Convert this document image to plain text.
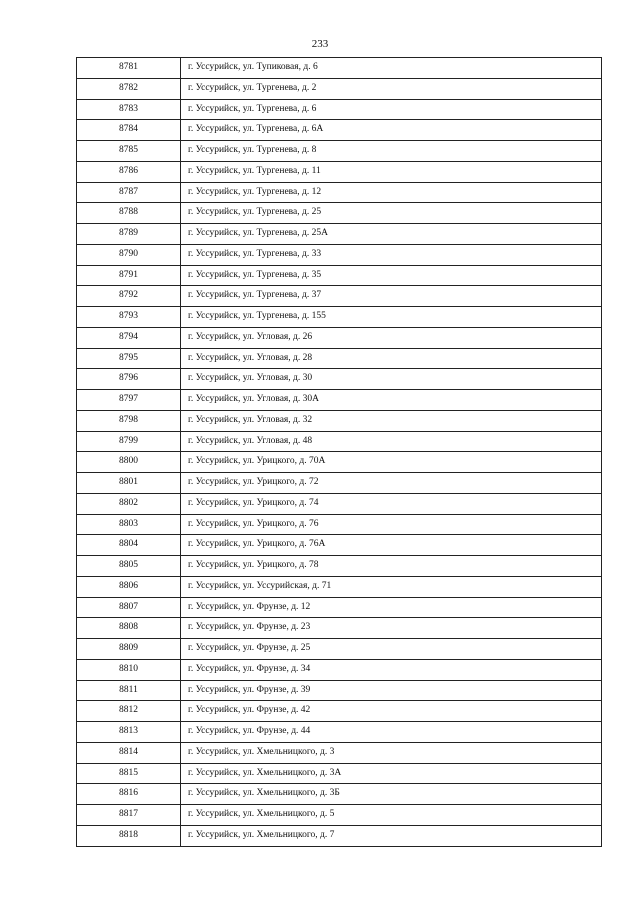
233
8781	г. Уссурийск, ул. Тупиковая, д. 6
8782	г. Уссурийск, ул. Тургенева, д. 2
8783	г. Уссурийск, ул. Тургенева, д. 6
8784	г. Уссурийск, ул. Тургенева, д. 6А
8785	г. Уссурийск, ул. Тургенева, д. 8
8786	г. Уссурийск, ул. Тургенева, д. 11
8787	г. Уссурийск, ул. Тургенева, д. 12
8788	г. Уссурийск, ул. Тургенева, д. 25
8789	г. Уссурийск, ул. Тургенева, д. 25А
8790	г. Уссурийск, ул. Тургенева, д. 33
8791	г. Уссурийск, ул. Тургенева, д. 35
8792	г. Уссурийск, ул. Тургенева, д. 37
8793	г. Уссурийск, ул. Тургенева, д. 155
8794	г. Уссурийск, ул. Угловая, д. 26
8795	г. Уссурийск, ул. Угловая, д. 28
8796	г. Уссурийск, ул. Угловая, д. 30
8797	г. Уссурийск, ул. Угловая, д. 30А
8798	г. Уссурийск, ул. Угловая, д. 32
8799	г. Уссурийск, ул. Угловая, д. 48
8800	г. Уссурийск, ул. Урицкого, д. 70А
8801	г. Уссурийск, ул. Урицкого, д. 72
8802	г. Уссурийск, ул. Урицкого, д. 74
8803	г. Уссурийск, ул. Урицкого, д. 76
8804	г. Уссурийск, ул. Урицкого, д. 76А
8805	г. Уссурийск, ул. Урицкого, д. 78
8806	г. Уссурийск, ул. Уссурийская, д. 71
8807	г. Уссурийск, ул. Фрунзе, д. 12
8808	г. Уссурийск, ул. Фрунзе, д. 23
8809	г. Уссурийск, ул. Фрунзе, д. 25
8810	г. Уссурийск, ул. Фрунзе, д. 34
8811	г. Уссурийск, ул. Фрунзе, д. 39
8812	г. Уссурийск, ул. Фрунзе, д. 42
8813	г. Уссурийск, ул. Фрунзе, д. 44
8814	г. Уссурийск, ул. Хмельницкого, д. 3
8815	г. Уссурийск, ул. Хмельницкого, д. 3А
8816	г. Уссурийск, ул. Хмельницкого, д. 3Б
8817	г. Уссурийск, ул. Хмельницкого, д. 5
8818	г. Уссурийск, ул. Хмельницкого, д. 7
